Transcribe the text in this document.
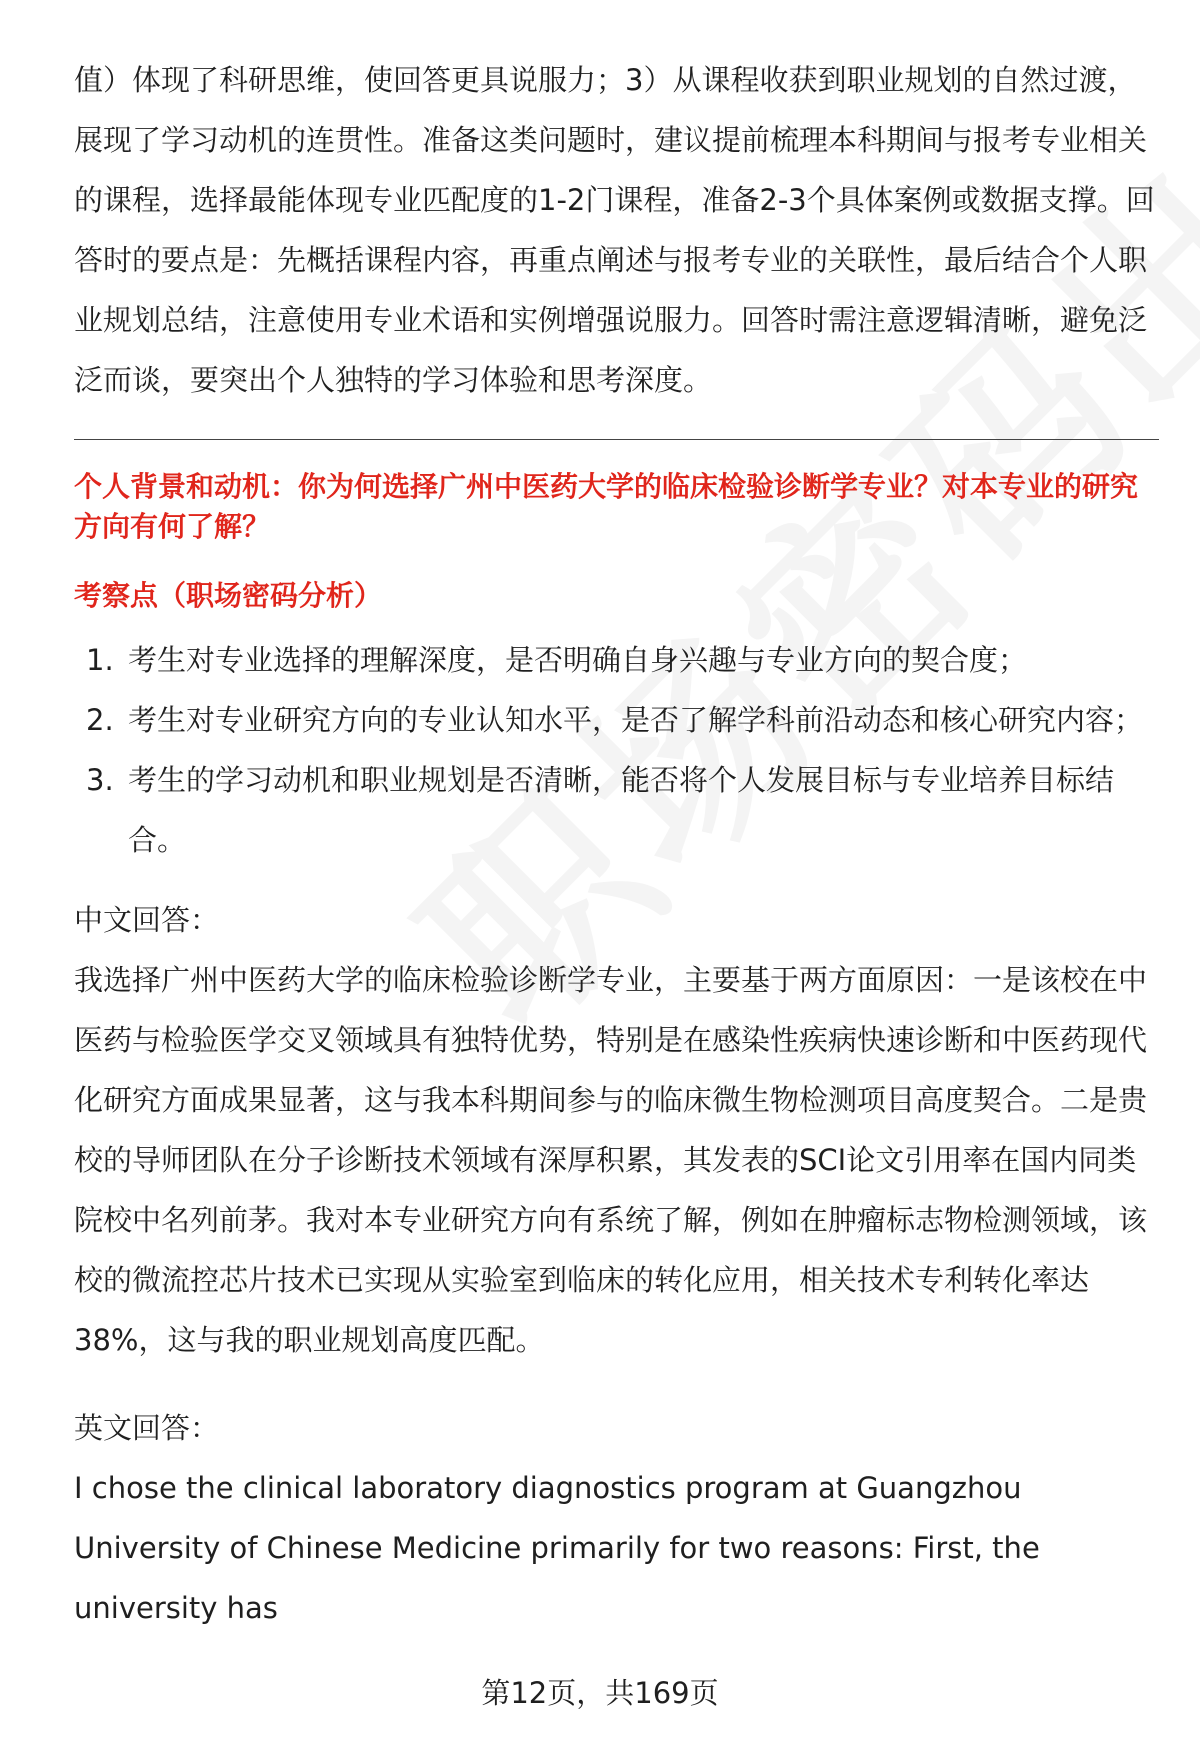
值）体现了科研思维，使回答更具说服力；3）从课程收获到职业规划的自然过渡，展现了学习动机的连贯性。准备这类问题时，建议提前梳理本科期间与报考专业相关的课程，选择最能体现专业匹配度的1-2门课程，准备2-3个具体案例或数据支撑。回答时的要点是：先概括课程内容，再重点阐述与报考专业的关联性，最后结合个人职业规划总结，注意使用专业术语和实例增强说服力。回答时需注意逻辑清晰，避免泛泛而谈，要突出个人独特的学习体验和思考深度。

个人背景和动机：你为何选择广州中医药大学的临床检验诊断学专业？对本专业的研究方向有何了解？

考察点（职场密码分析）

1. 考生对专业选择的理解深度，是否明确自身兴趣与专业方向的契合度；
2. 考生对专业研究方向的专业认知水平，是否了解学科前沿动态和核心研究内容；
3. 考生的学习动机和职业规划是否清晰，能否将个人发展目标与专业培养目标结合。

中文回答：

我选择广州中医药大学的临床检验诊断学专业，主要基于两方面原因：一是该校在中医药与检验医学交叉领域具有独特优势，特别是在感染性疾病快速诊断和中医药现代化研究方面成果显著，这与我本科期间参与的临床微生物检测项目高度契合。二是贵校的导师团队在分子诊断技术领域有深厚积累，其发表的SCI论文引用率在国内同类院校中名列前茅。我对本专业研究方向有系统了解，例如在肿瘤标志物检测领域，该校的微流控芯片技术已实现从实验室到临床的转化应用，相关技术专利转化率达38%，这与我的职业规划高度匹配。

英文回答：

I chose the clinical laboratory diagnostics program at Guangzhou University of Chinese Medicine primarily for two reasons: First, the university has

第12页，共169页
